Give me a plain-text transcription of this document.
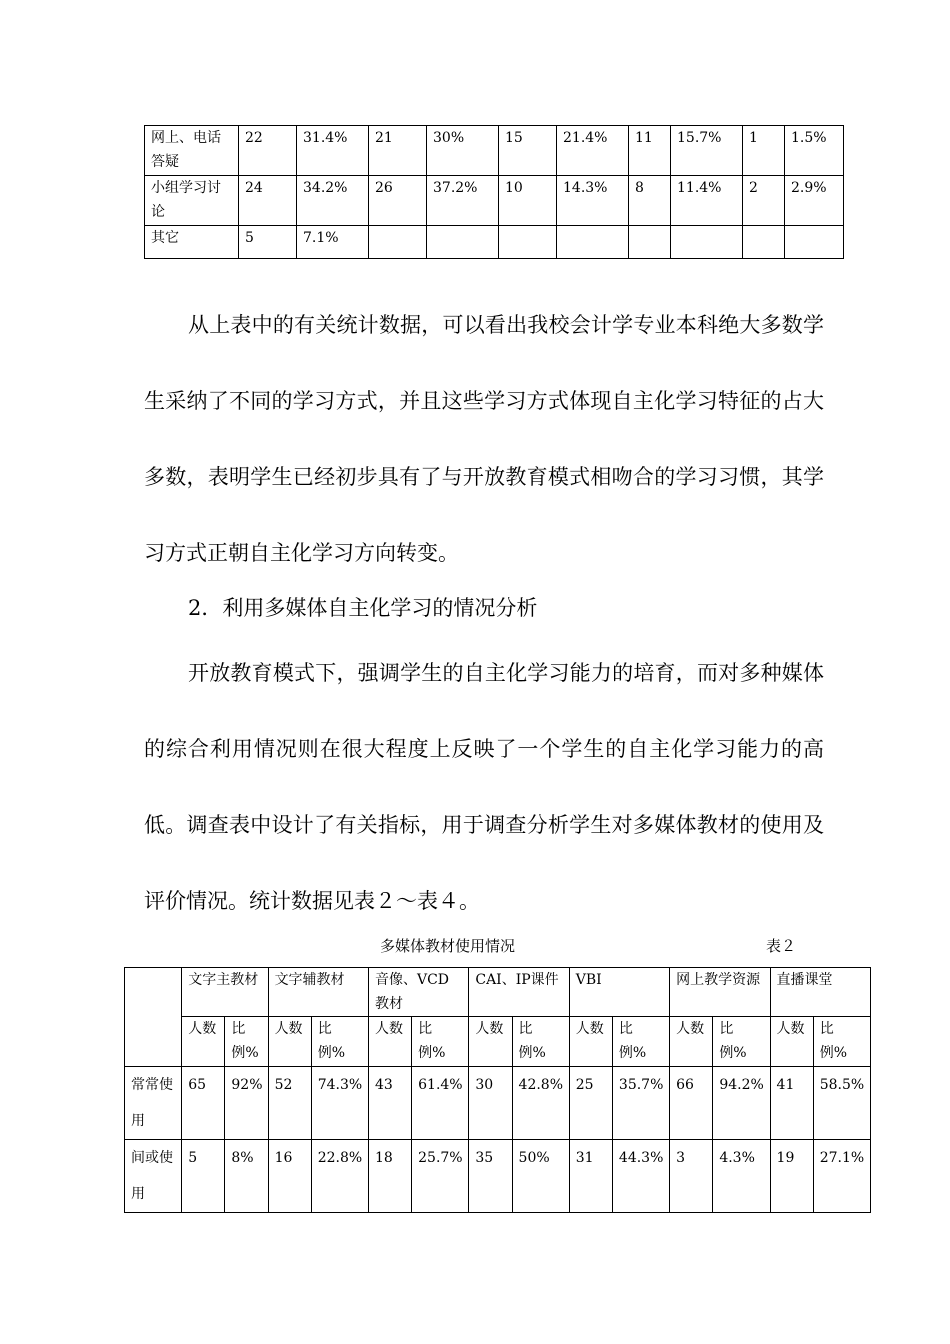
网上、电话答疑	22	31.4%	21	30%	15	21.4%	11	15.7%	1	1.5%
小组学习讨论	24	34.2%	26	37.2%	10	14.3%	8	11.4%	2	2.9%
其它	5	7.1%								

从上表中的有关统计数据，可以看出我校会计学专业本科绝大多数学生采纳了不同的学习方式，并且这些学习方式体现自主化学习特征的占大多数，表明学生已经初步具有了与开放教育模式相吻合的学习习惯，其学习方式正朝自主化学习方向转变。

2．利用多媒体自主化学习的情况分析

开放教育模式下，强调学生的自主化学习能力的培育，而对多种媒体的综合利用情况则在很大程度上反映了一个学生的自主化学习能力的高低。调查表中设计了有关指标，用于调查分析学生对多媒体教材的使用及评价情况。统计数据见表２～表４。

多媒体教材使用情况	表２
	文字主教材		文字辅教材		音像、VCD教材		CAI、IP课件		VBI		网上教学资源		直播课堂	
	人数	比例%	人数	比 例%	人数	比 例%	人数	比 例%	人数	比 例%	人数	比 例%	人数	比 例%
常常使用	65	92%	52	74.3%	43	61.4%	30	42.8%	25	35.7%	66	94.2%	41	58.5%
间或使用	5	8%	16	22.8%	18	25.7%	35	50%	31	44.3%	3	4.3%	19	27.1%
